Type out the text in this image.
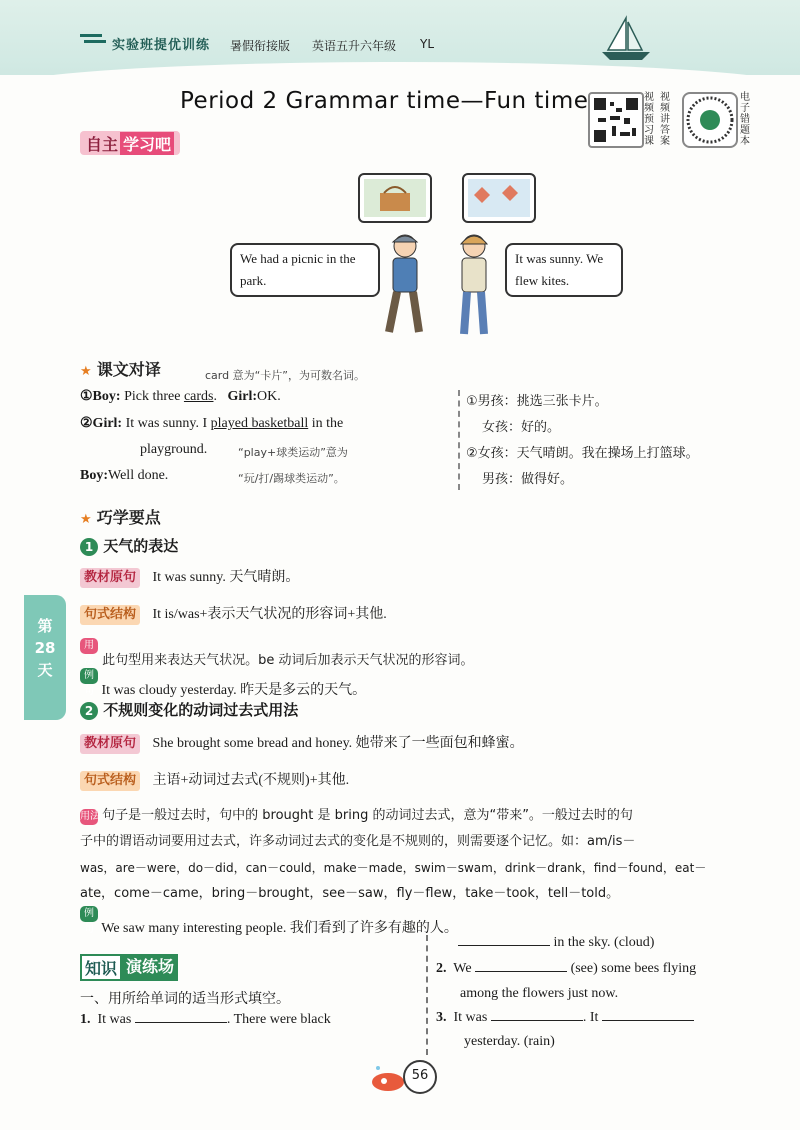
实验班提优训练 暑假衔接版 英语五升六年级 YL
Period 2 Grammar time—Fun time	视频预习课
视频讲答案
电子错题本
自主 学习吧
We had a picnic in the park.
It was sunny. We flew kites.
★ 课文对译	card 意为“卡片”，为可数名词。
①Boy: Pick three cards. Girl:OK.
②Girl: It was sunny. I played basketball in the
playground.	“play+球类运动”意为
Boy:Well done.	“玩/打/踢球类运动”。
①男孩：挑选三张卡片。
女孩：好的。
②女孩：天气晴朗。我在操场上打篮球。
男孩：做得好。
★ 巧学要点
1 天气的表达
教材原句 It was sunny. 天气晴朗。
句式结构 It is/was+表示天气状况的形容词+其他.
用法 此句型用来表达天气状况。be 动词后加表示天气状况的形容词。
例句 It was cloudy yesterday. 昨天是多云的天气。
2 不规则变化的动词过去式用法
教材原句 She brought some bread and honey. 她带来了一些面包和蜂蜜。
句式结构 主语+动词过去式(不规则)+其他.
用法 句子是一般过去时，句中的 brought 是 bring 的动词过去式，意为“带来”。一般过去时的句
子中的谓语动词要用过去式，许多动词过去式的变化是不规则的，则需要逐个记忆。如：am/is－
was，are－were，do－did，can－could，make－made，swim－swam，drink－drank，find－found，eat－
ate，come－came，bring－brought，see－saw，fly－flew，take－took，tell－told。
例句 We saw many interesting people. 我们看到了许多有趣的人。
第
28
天
知识 演练场
一、用所给单词的适当形式填空。
1. It was	. There were black
in the sky. (cloud)
2. We	(see) some bees flying
among the flowers just now.
3. It was	. It
yesterday. (rain)
56
